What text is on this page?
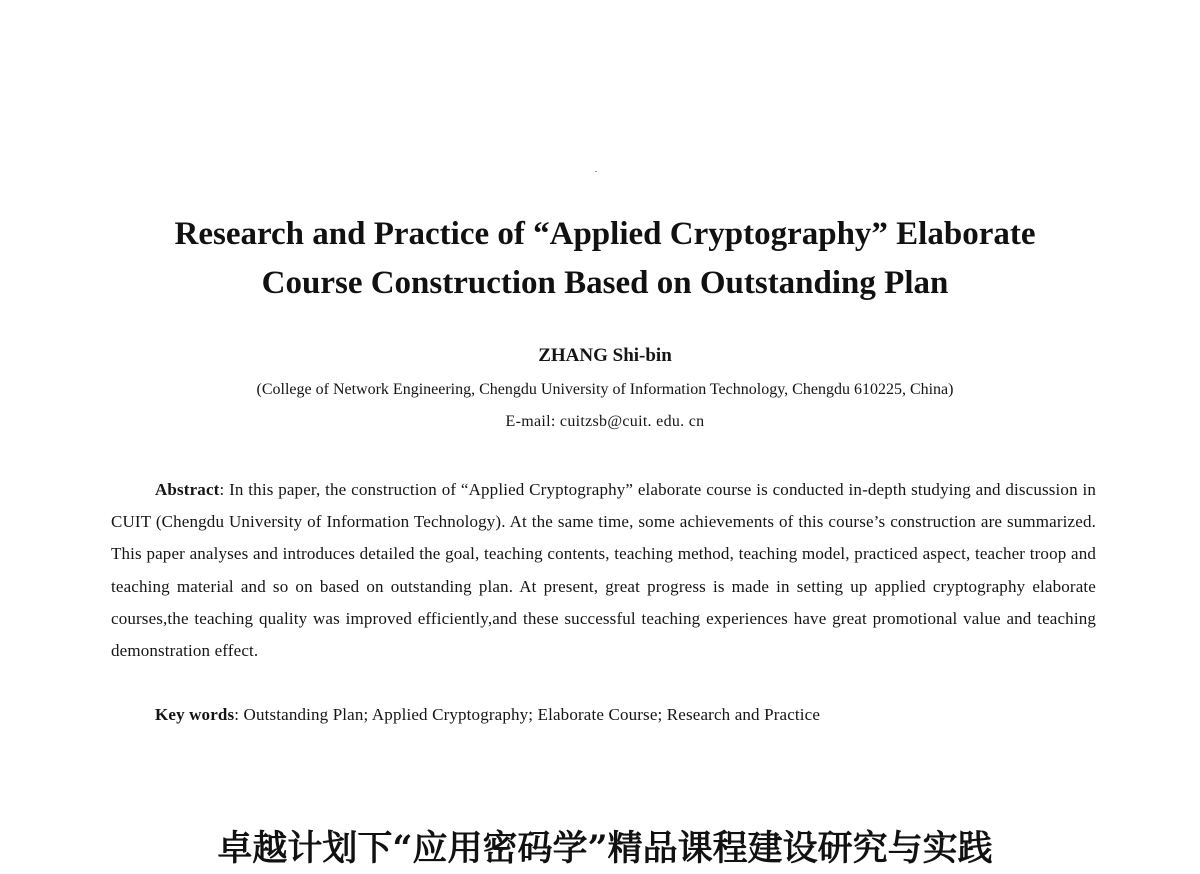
Research and Practice of “Applied Cryptography” Elaborate
Course Construction Based on Outstanding Plan
ZHANG Shi-bin
(College of Network Engineering, Chengdu University of Information Technology, Chengdu 610225, China)
E-mail: cuitzsb@cuit. edu. cn

Abstract: In this paper, the construction of “Applied Cryptography” elaborate course is conducted in-depth studying and discussion in CUIT (Chengdu University of Information Technology). At the same time, some achievements of this course’s construction are summarized. This paper analyses and introduces detailed the goal, teaching contents, teaching method, teaching model, practiced aspect, teacher troop and teaching material and so on based on outstanding plan. At present, great progress is made in setting up applied cryptography elaborate courses,the teaching quality was improved efficiently,and these successful teaching experiences have great promotional value and teaching demonstration effect.

Key words: Outstanding Plan; Applied Cryptography; Elaborate Course; Research and Practice
卓越计划下“应用密码学”精品课程建设研究与实践
